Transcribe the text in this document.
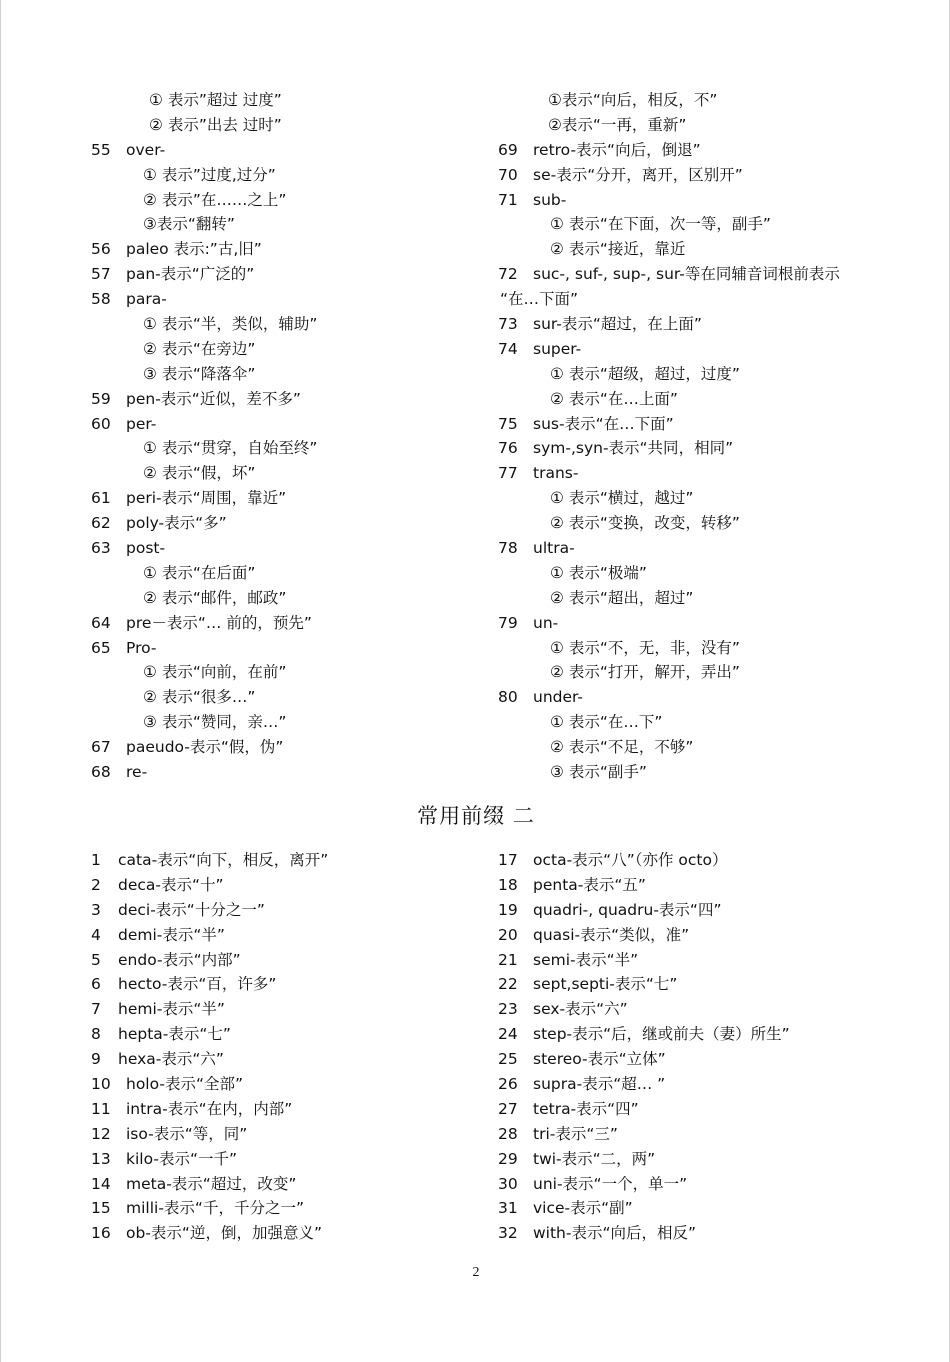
① 表示”超过 过度”
② 表示”出去 过时”
55 over-
① 表示”过度,过分”
② 表示”在……之上”
③表示“翻转”
56 paleo 表示:”古,旧”
57 pan-表示“广泛的”
58 para-
① 表示“半，类似，辅助”
② 表示“在旁边”
③ 表示“降落伞”
59 pen-表示“近似，差不多”
60 per-
① 表示“贯穿，自始至终”
② 表示“假，坏”
61 peri-表示“周围，靠近”
62 poly-表示“多”
63 post-
① 表示“在后面”
② 表示“邮件，邮政”
64 pre－表示“… 前的，预先”
65 Pro-
① 表示“向前，在前”
② 表示“很多…”
③ 表示“赞同，亲…”
67 paeudo-表示“假，伪”
68 re-
①表示“向后，相反，不”
②表示“一再，重新”
69 retro-表示“向后，倒退”
70 se-表示“分开，离开，区别开”
71 sub-
① 表示“在下面，次一等，副手”
② 表示“接近，靠近
72 suc-, suf-, sup-, sur-等在同辅音词根前表示
“在…下面”
73 sur-表示“超过，在上面”
74 super-
① 表示“超级，超过，过度”
② 表示“在…上面”
75 sus-表示“在…下面”
76 sym-,syn-表示“共同，相同”
77 trans-
① 表示“横过，越过”
② 表示“变换，改变，转移”
78 ultra-
① 表示“极端”
② 表示“超出，超过”
79 un-
① 表示“不，无，非，没有”
② 表示“打开，解开，弄出”
80 under-
① 表示“在…下”
② 表示“不足，不够”
③ 表示“副手”
常用前缀 二
1 cata-表示“向下，相反，离开”
2 deca-表示“十”
3 deci-表示“十分之一”
4 demi-表示“半”
5 endo-表示“内部”
6 hecto-表示“百，许多”
7 hemi-表示“半”
8 hepta-表示“七”
9 hexa-表示“六”
10 holo-表示“全部”
11 intra-表示“在内，内部”
12 iso-表示“等，同”
13 kilo-表示“一千”
14 meta-表示“超过，改变”
15 milli-表示“千，千分之一”
16 ob-表示“逆，倒，加强意义”
17 octa-表示“八”（亦作 octo）
18 penta-表示“五”
19 quadri-, quadru-表示“四”
20 quasi-表示“类似，准”
21 semi-表示“半”
22 sept,septi-表示“七”
23 sex-表示“六”
24 step-表示“后，继或前夫（妻）所生”
25 stereo-表示“立体”
26 supra-表示“超… ”
27 tetra-表示“四”
28 tri-表示“三”
29 twi-表示“二，两”
30 uni-表示“一个，单一”
31 vice-表示“副”
32 with-表示“向后，相反”
2
